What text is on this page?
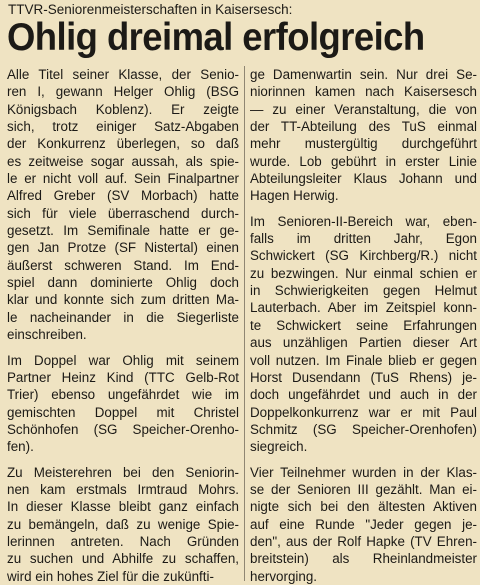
TTVR-Seniorenmeisterschaften in Kaisersesch:
Ohlig dreimal erfolgreich
Alle Titel seiner Klasse, der Senio-
ren I, gewann Helger Ohlig (BSG
Königsbach Koblenz). Er zeigte
sich, trotz einiger Satz-Abgaben
der Konkurrenz überlegen, so daß
es zeitweise sogar aussah, als spie-
le er nicht voll auf. Sein Finalpartner
Alfred Greber (SV Morbach) hatte
sich für viele überraschend durch-
gesetzt. Im Semifinale hatte er ge-
gen Jan Protze (SF Nistertal) einen
äußerst schweren Stand. Im End-
spiel dann dominierte Ohlig doch
klar und konnte sich zum dritten Ma-
le nacheinander in die Siegerliste
einschreiben.
Im Doppel war Ohlig mit seinem
Partner Heinz Kind (TTC Gelb-Rot
Trier) ebenso ungefährdet wie im
gemischten Doppel mit Christel
Schönhofen (SG Speicher-Orenho-
fen).
Zu Meisterehren bei den Seniorin-
nen kam erstmals Irmtraud Mohrs.
In dieser Klasse bleibt ganz einfach
zu bemängeln, daß zu wenige Spie-
lerinnen antreten. Nach Gründen
zu suchen und Abhilfe zu schaffen,
wird ein hohes Ziel für die zukünfti-
ge Damenwartin sein. Nur drei Se-
niorinnen kamen nach Kaisersesch
— zu einer Veranstaltung, die von
der TT-Abteilung des TuS einmal
mehr mustergültig durchgeführt
wurde. Lob gebührt in erster Linie
Abteilungsleiter Klaus Johann und
Hagen Herwig.
Im Senioren-II-Bereich war, eben-
falls im dritten Jahr, Egon
Schwickert (SG Kirchberg/R.) nicht
zu bezwingen. Nur einmal schien er
in Schwierigkeiten gegen Helmut
Lauterbach. Aber im Zeitspiel konn-
te Schwickert seine Erfahrungen
aus unzähligen Partien dieser Art
voll nutzen. Im Finale blieb er gegen
Horst Dusendann (TuS Rhens) je-
doch ungefährdet und auch in der
Doppelkonkurrenz war er mit Paul
Schmitz (SG Speicher-Orenhofen)
siegreich.
Vier Teilnehmer wurden in der Klas-
se der Senioren III gezählt. Man ei-
nigte sich bei den ältesten Aktiven
auf eine Runde "Jeder gegen je-
den", aus der Rolf Hapke (TV Ehren-
breitstein) als Rheinlandmeister
hervorging.
